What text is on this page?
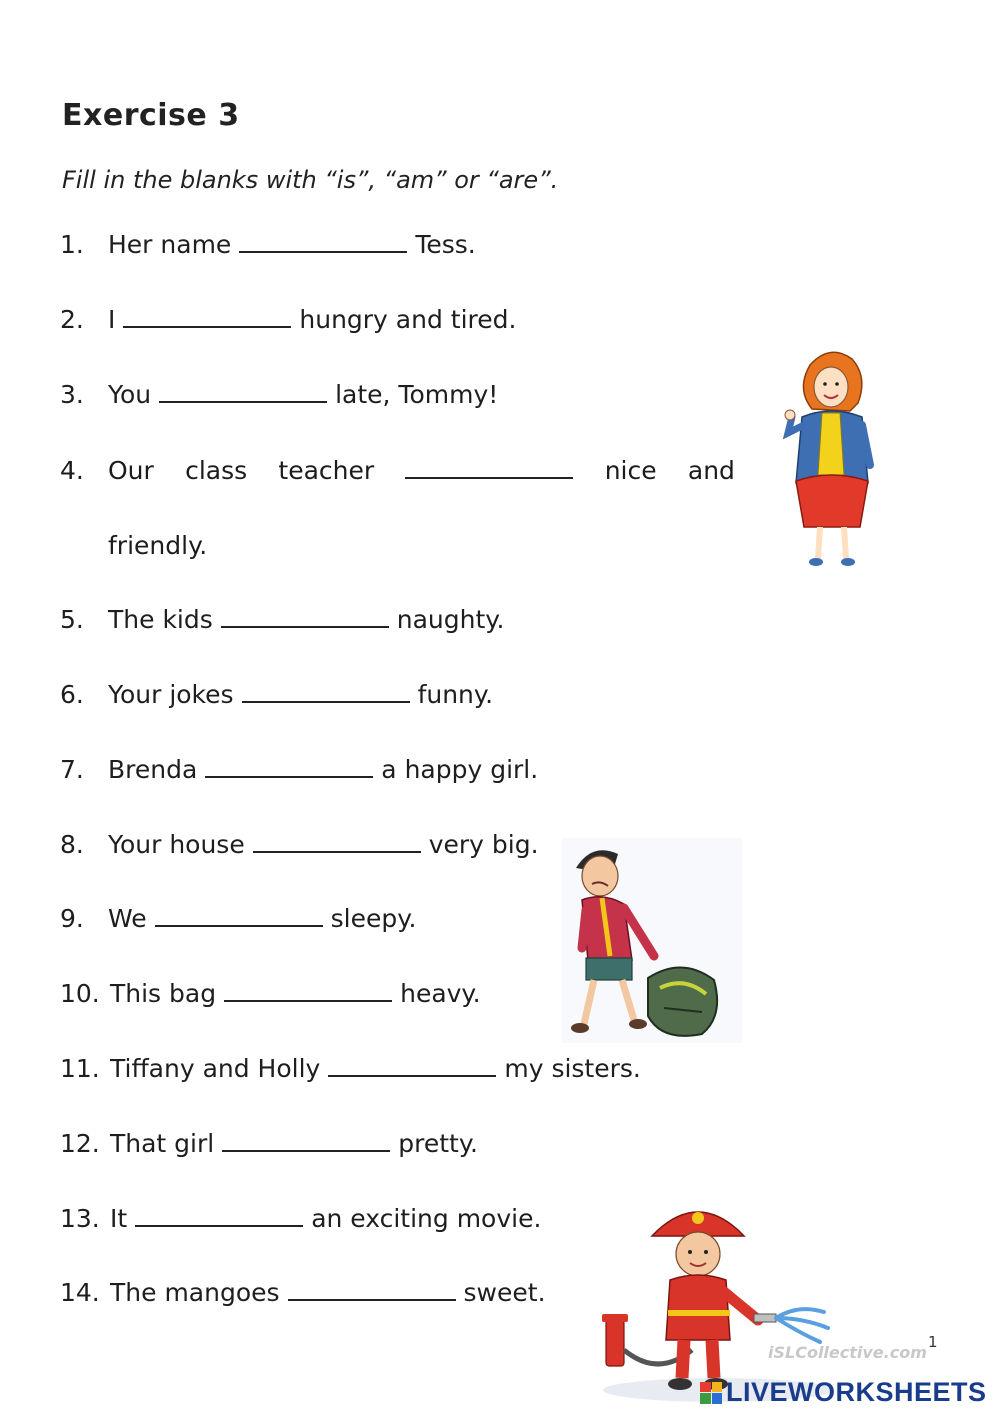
Exercise 3
Fill in the blanks with “is”, “am” or “are”.
1. Her name	Tess.
2. I	hungry and tired.
3. You	late, Tommy!
4. Our class teacher	nice and
friendly.
5. The kids	naughty.
6. Your jokes	funny.
7. Brenda	a happy girl.
8. Your house	very big.
9. We	sleepy.
10. This bag	heavy.
11. Tiffany and Holly	my sisters.
12. That girl	pretty.
13. It	an exciting movie.
14. The mangoes	sweet.
iSLCollective.com
1
LIVEWORKSHEETS
